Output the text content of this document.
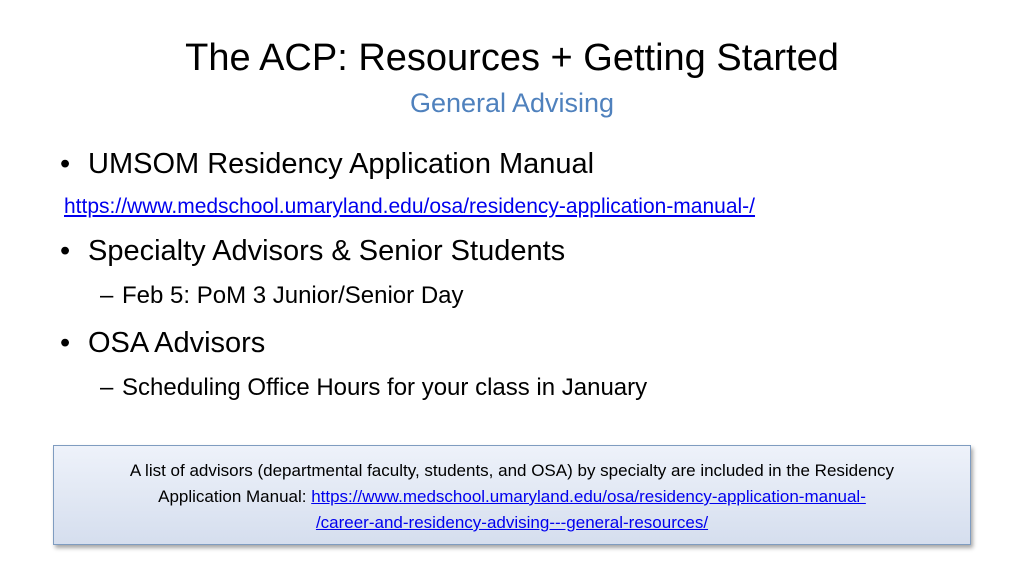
The ACP: Resources + Getting Started
General Advising
• UMSOM Residency Application Manual
https://www.medschool.umaryland.edu/osa/residency-application-manual-/
• Specialty Advisors & Senior Students
– Feb 5: PoM 3 Junior/Senior Day
• OSA Advisors
– Scheduling Office Hours for your class in January
A list of advisors (departmental faculty, students, and OSA) by specialty are included in the Residency
Application Manual: https://www.medschool.umaryland.edu/osa/residency-application-manual-
/career-and-residency-advising---general-resources/
